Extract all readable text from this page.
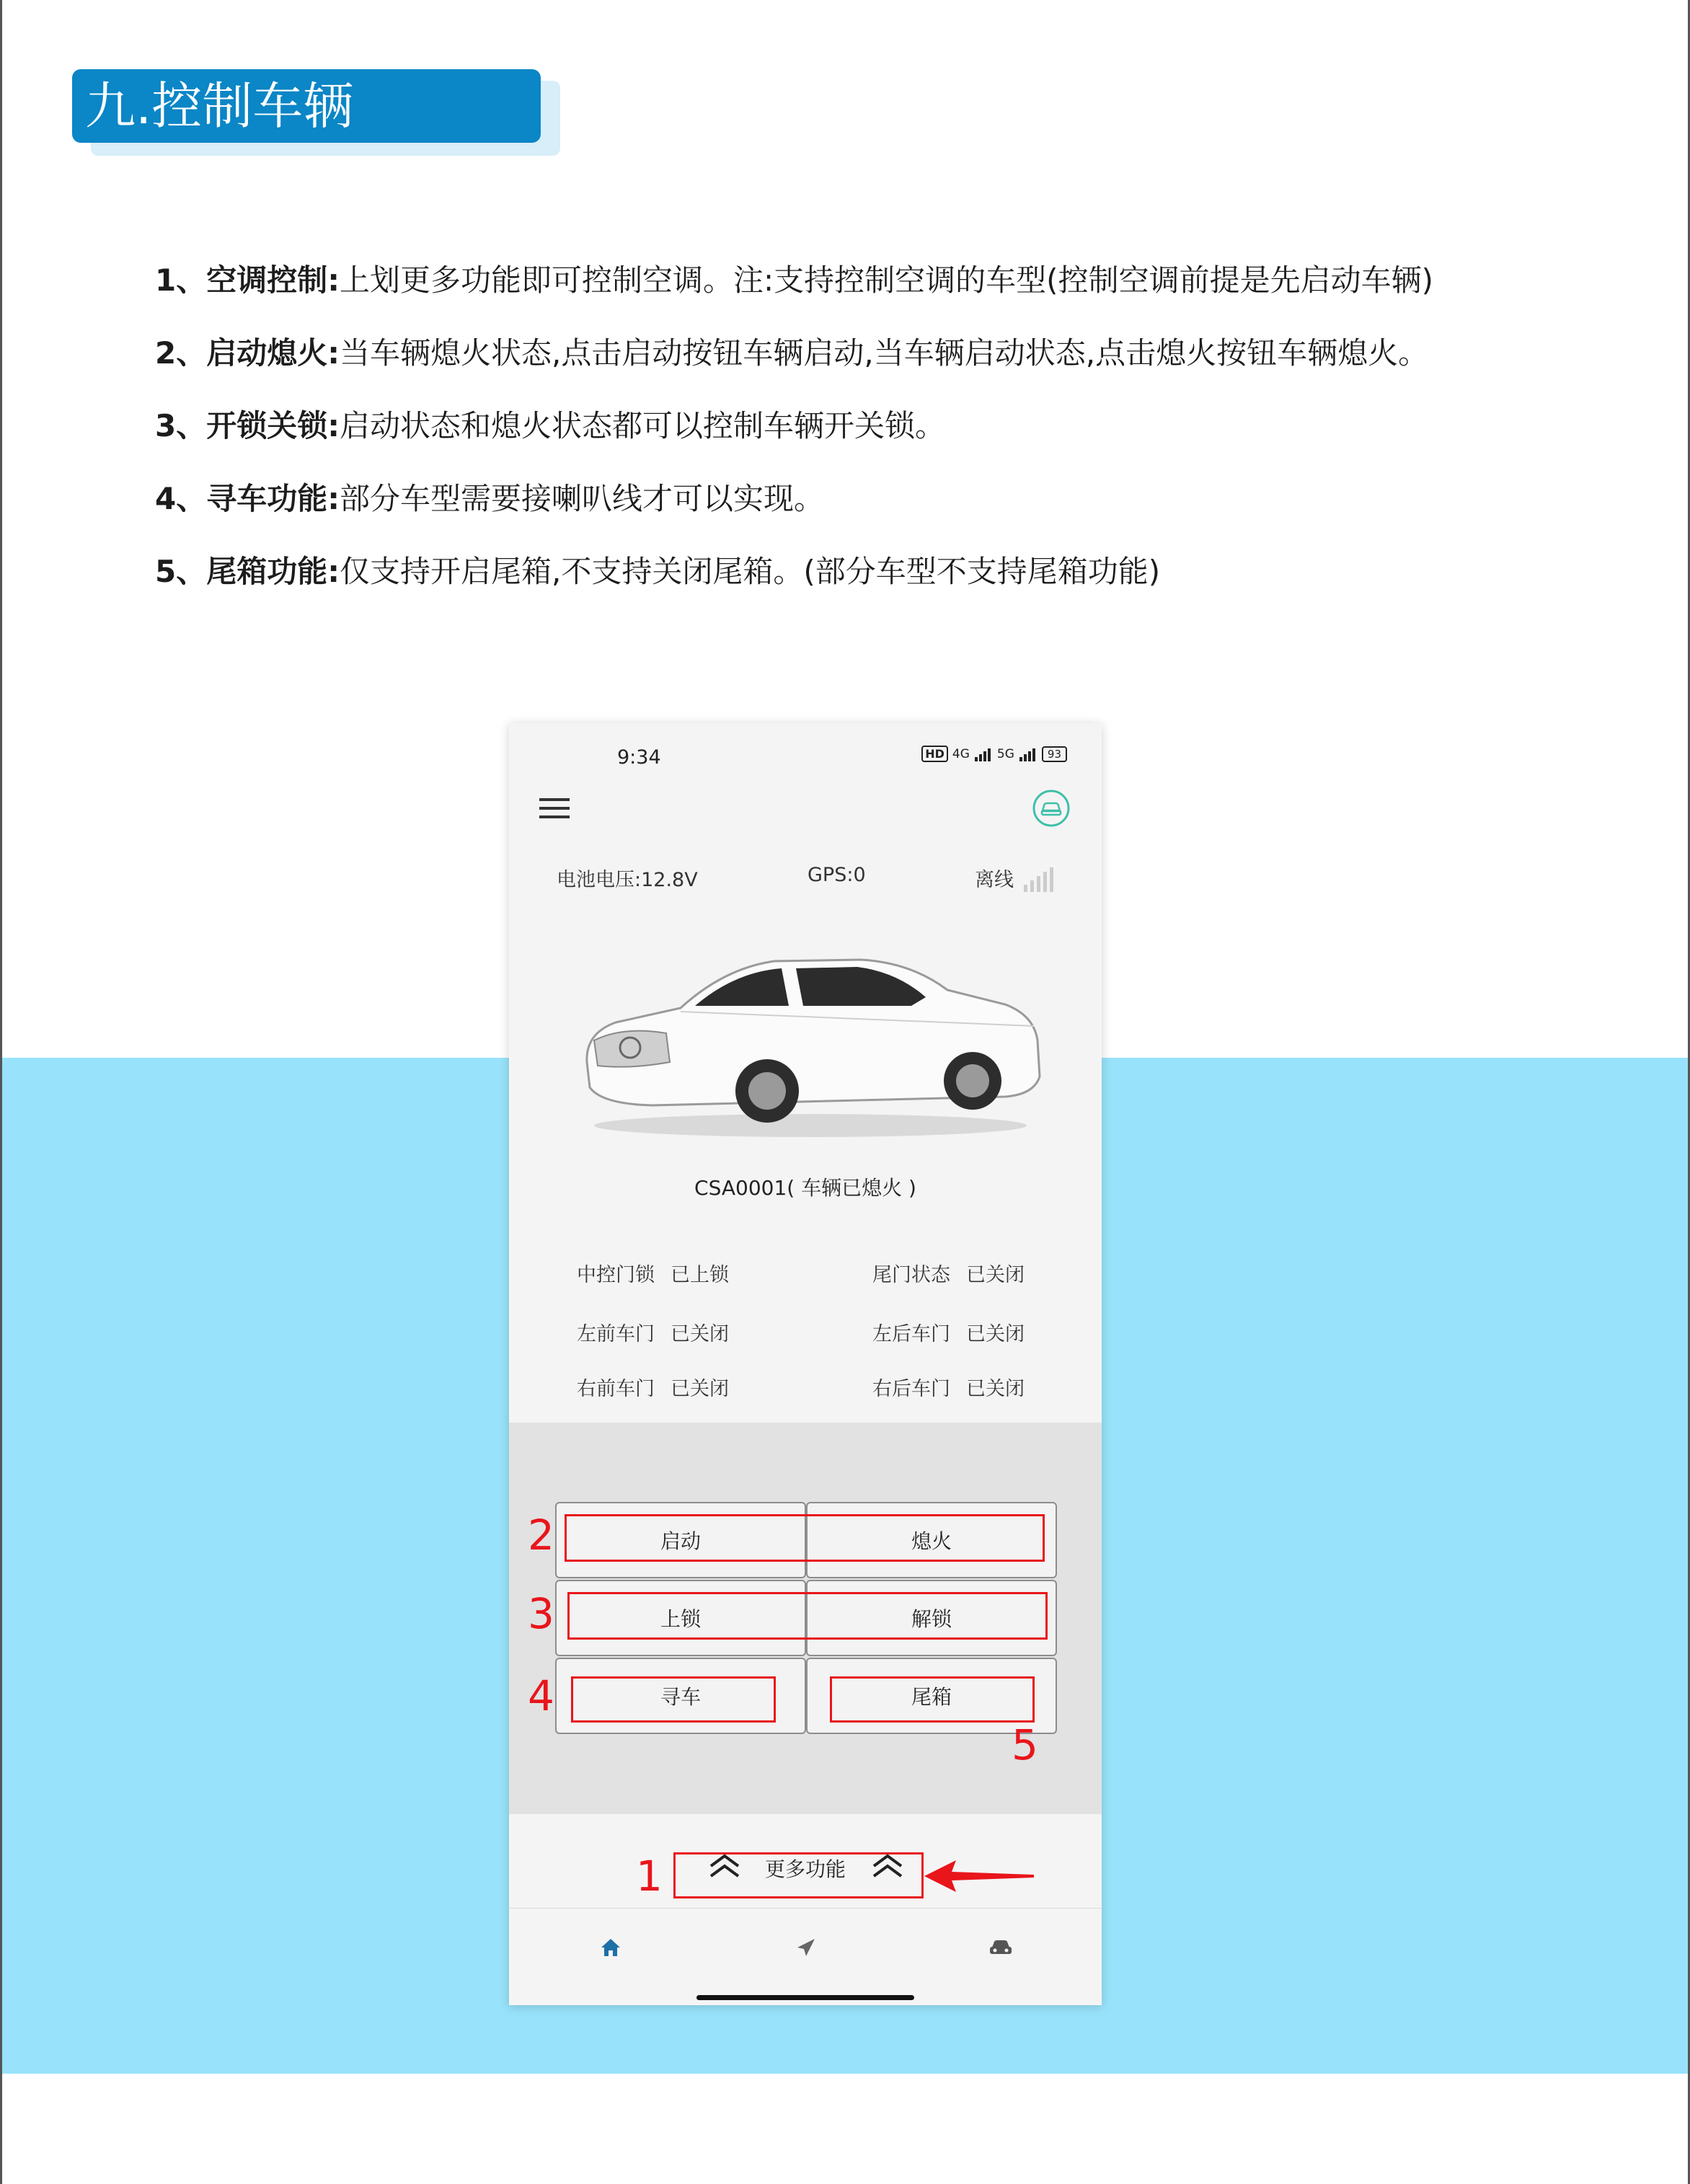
九.控制车辆
1、空调控制:上划更多功能即可控制空调。注:支持控制空调的车型(控制空调前提是先启动车辆)
2、启动熄火:当车辆熄火状态,点击启动按钮车辆启动,当车辆启动状态,点击熄火按钮车辆熄火。
3、开锁关锁:启动状态和熄火状态都可以控制车辆开关锁。
4、寻车功能:部分车型需要接喇叭线才可以实现。
5、尾箱功能:仅支持开启尾箱,不支持关闭尾箱。(部分车型不支持尾箱功能)
9:34	HD 4G 5G	93
电池电压:12.8V	GPS:0	离线
CSA0001( 车辆已熄火 )
中控门锁 已上锁	尾门状态 已关闭
左前车门 已关闭	左后车门 已关闭
右前车门 已关闭	右后车门 已关闭
启动	熄火
上锁	解锁
寻车	尾箱
2
3
4
5
更多功能
1
